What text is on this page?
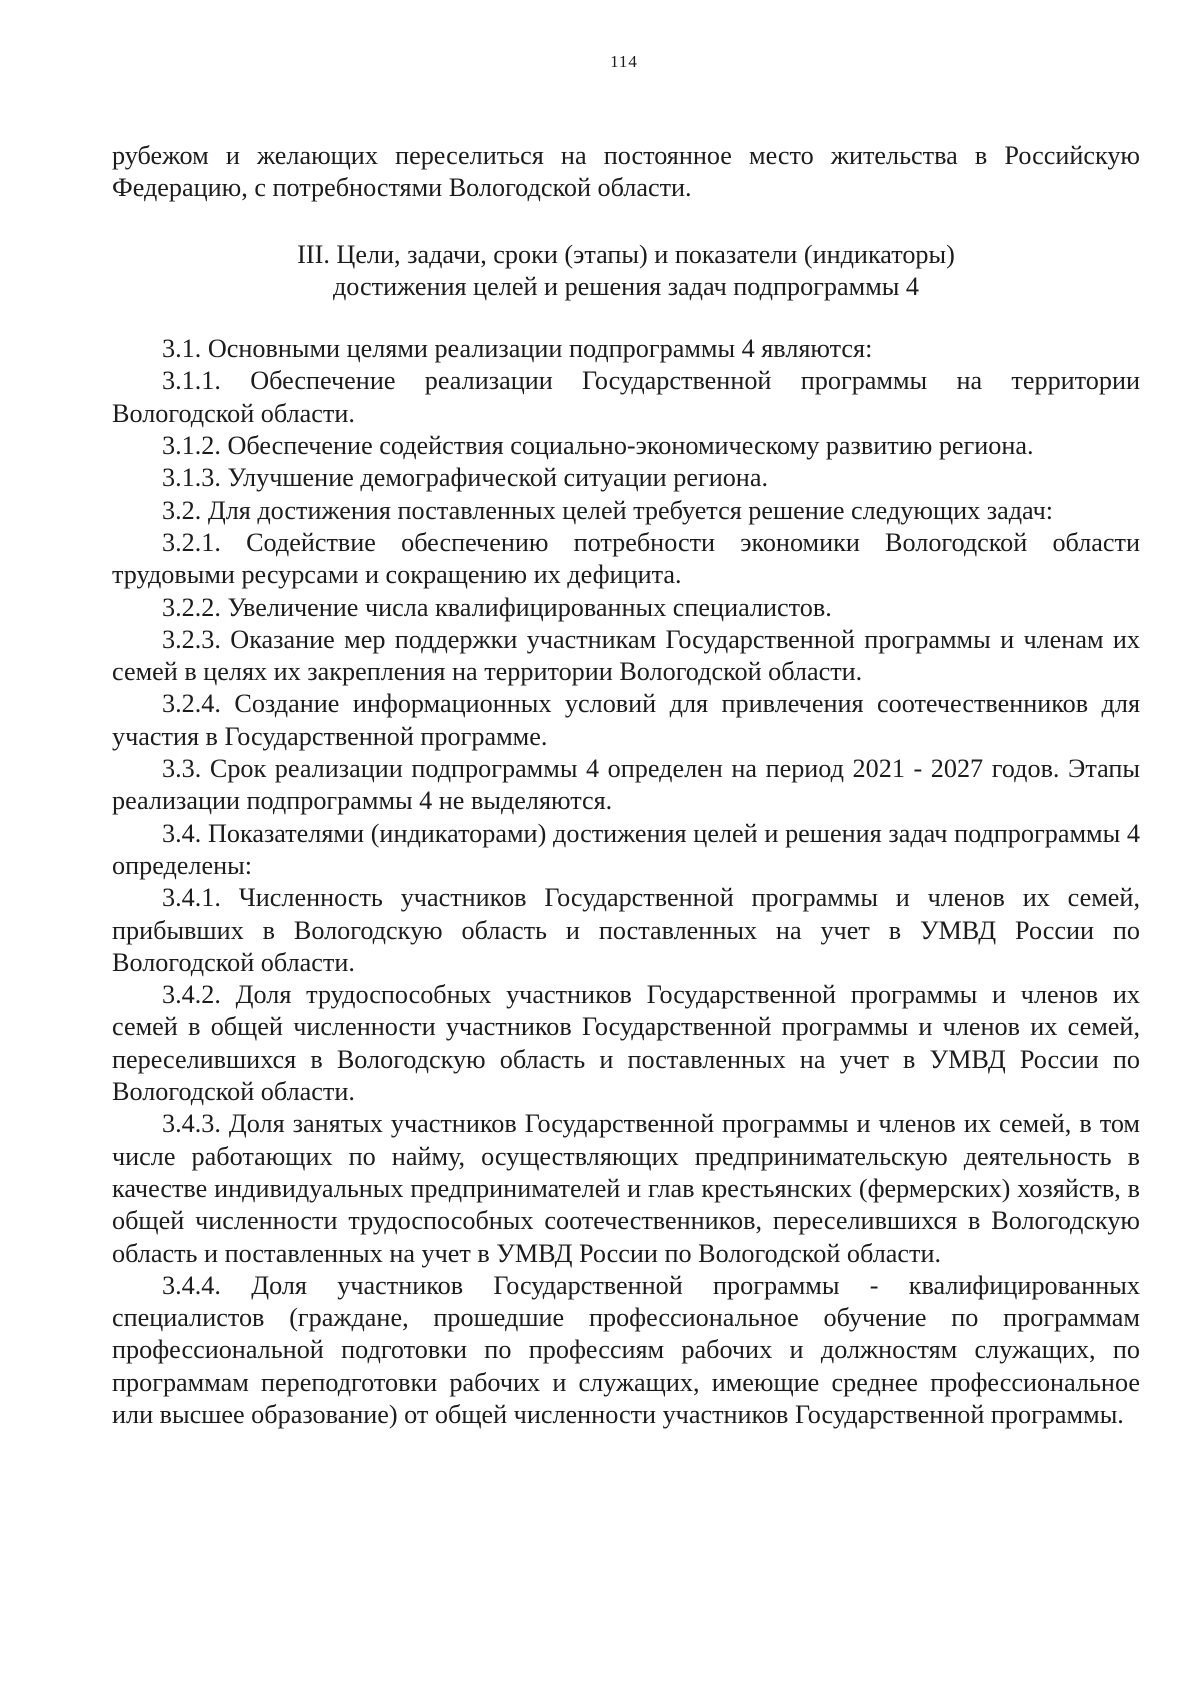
114

рубежом и желающих переселиться на постоянное место жительства в Российскую Федерацию, с потребностями Вологодской области.

III. Цели, задачи, сроки (этапы) и показатели (индикаторы)
достижения целей и решения задач подпрограммы 4

3.1. Основными целями реализации подпрограммы 4 являются:

3.1.1. Обеспечение реализации Государственной программы на территории Вологодской области.

3.1.2. Обеспечение содействия социально-экономическому развитию региона.

3.1.3. Улучшение демографической ситуации региона.

3.2. Для достижения поставленных целей требуется решение следующих задач:

3.2.1. Содействие обеспечению потребности экономики Вологодской области трудовыми ресурсами и сокращению их дефицита.

3.2.2. Увеличение числа квалифицированных специалистов.

3.2.3. Оказание мер поддержки участникам Государственной программы и членам их семей в целях их закрепления на территории Вологодской области.

3.2.4. Создание информационных условий для привлечения соотечественников для участия в Государственной программе.

3.3. Срок реализации подпрограммы 4 определен на период 2021 - 2027 годов. Этапы реализации подпрограммы 4 не выделяются.

3.4. Показателями (индикаторами) достижения целей и решения задач подпрограммы 4 определены:

3.4.1. Численность участников Государственной программы и членов их семей, прибывших в Вологодскую область и поставленных на учет в УМВД России по Вологодской области.

3.4.2. Доля трудоспособных участников Государственной программы и членов их семей в общей численности участников Государственной программы и членов их семей, переселившихся в Вологодскую область и поставленных на учет в УМВД России по Вологодской области.

3.4.3. Доля занятых участников Государственной программы и членов их семей, в том числе работающих по найму, осуществляющих предпринимательскую деятельность в качестве индивидуальных предпринимателей и глав крестьянских (фермерских) хозяйств, в общей численности трудоспособных соотечественников, переселившихся в Вологодскую область и поставленных на учет в УМВД России по Вологодской области.

3.4.4. Доля участников Государственной программы - квалифицированных специалистов (граждане, прошедшие профессиональное обучение по программам профессиональной подготовки по профессиям рабочих и должностям служащих, по программам переподготовки рабочих и служащих, имеющие среднее профессиональное или высшее образование) от общей численности участников Государственной программы.
